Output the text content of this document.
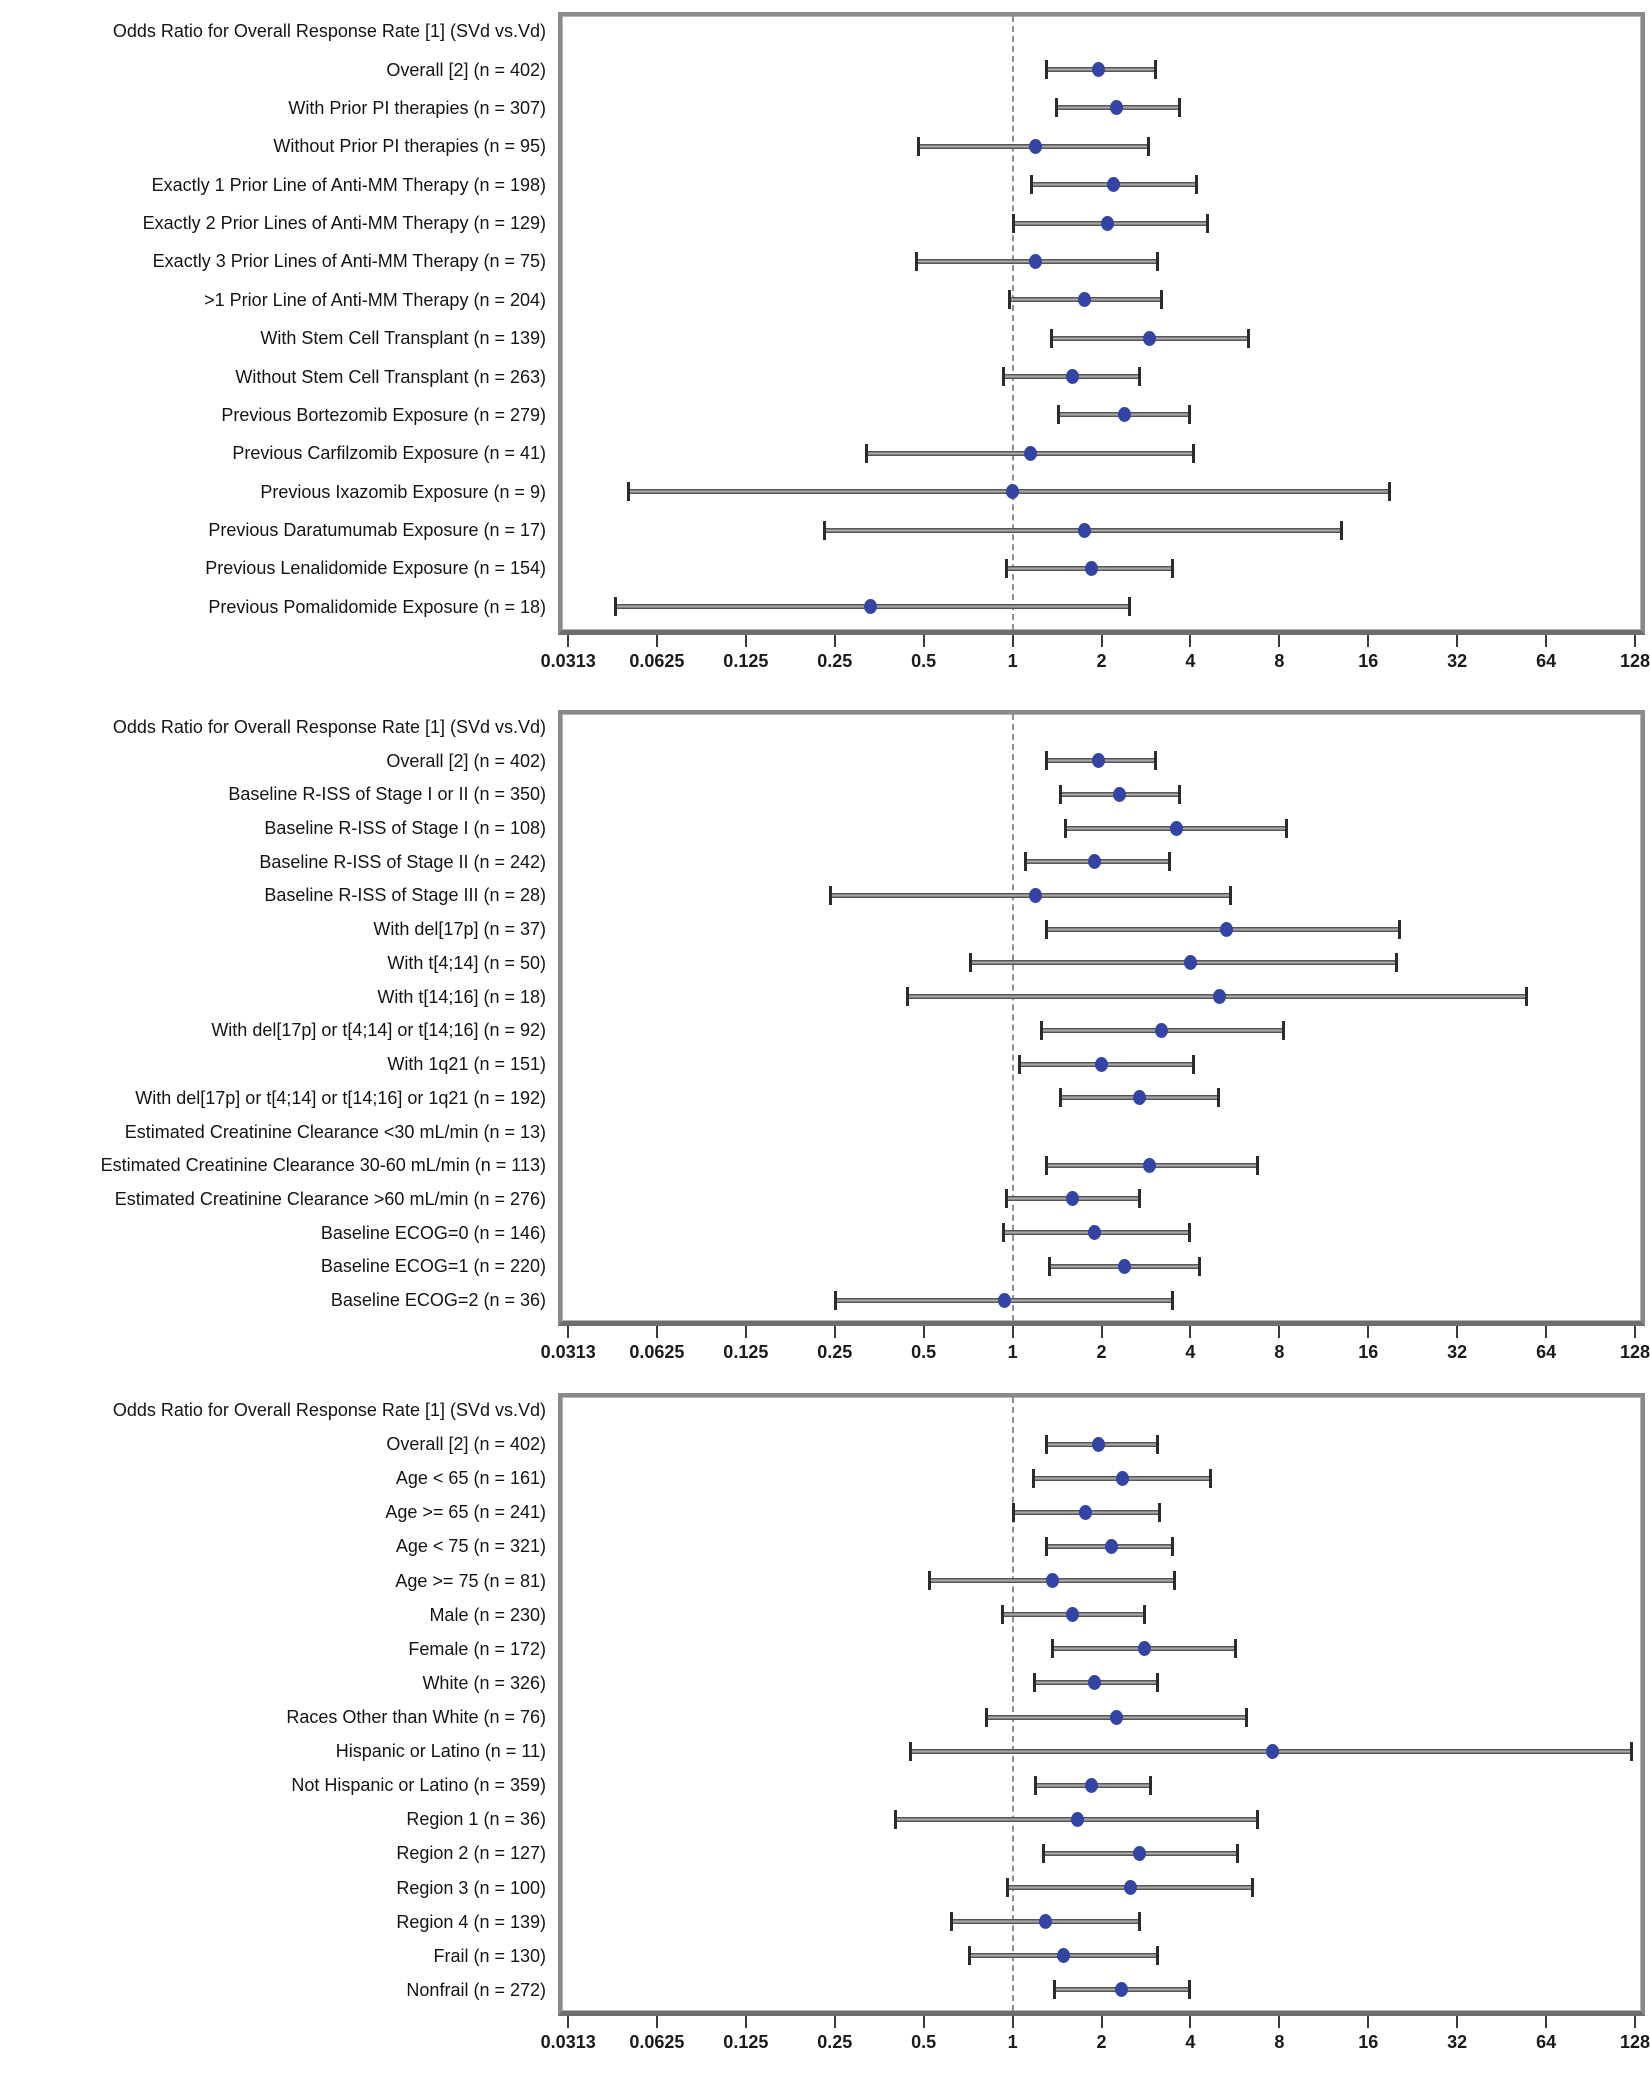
Odds Ratio for Overall Response Rate [1] (SVd vs.Vd)
Overall [2] (n = 402)
With Prior PI therapies (n = 307)
Without Prior PI therapies (n = 95)
Exactly 1 Prior Line of Anti-MM Therapy (n = 198)
Exactly 2 Prior Lines of Anti-MM Therapy (n = 129)
Exactly 3 Prior Lines of Anti-MM Therapy (n = 75)
>1 Prior Line of Anti-MM Therapy (n = 204)
With Stem Cell Transplant (n = 139)
Without Stem Cell Transplant (n = 263)
Previous Bortezomib Exposure (n = 279)
Previous Carfilzomib Exposure (n = 41)
Previous Ixazomib Exposure (n = 9)
Previous Daratumumab Exposure (n = 17)
Previous Lenalidomide Exposure (n = 154)
Previous Pomalidomide Exposure (n = 18)
0.0313 0.0625 0.125	0.25	0.5	1	2	4	8	16	32	64	128
Odds Ratio for Overall Response Rate [1] (SVd vs.Vd)
Overall [2] (n = 402)
Baseline R-ISS of Stage I or II (n = 350)
Baseline R-ISS of Stage I (n = 108)
Baseline R-ISS of Stage II (n = 242)
Baseline R-ISS of Stage III (n = 28)
With del[17p] (n = 37)
With t[4;14] (n = 50)
With t[14;16] (n = 18)
With del[17p] or t[4;14] or t[14;16] (n = 92)
With 1q21 (n = 151)
With del[17p] or t[4;14] or t[14;16] or 1q21 (n = 192)
Estimated Creatinine Clearance <30 mL/min (n = 13)
Estimated Creatinine Clearance 30-60 mL/min (n = 113)
Estimated Creatinine Clearance >60 mL/min (n = 276)
Baseline ECOG=0 (n = 146)
Baseline ECOG=1 (n = 220)
Baseline ECOG=2 (n = 36)
0.0313 0.0625 0.125	0.25	0.5	1	2	4	8	16	32	64	128
Odds Ratio for Overall Response Rate [1] (SVd vs.Vd)
Overall [2] (n = 402)
Age < 65 (n = 161)
Age >= 65 (n = 241)
Age < 75 (n = 321)
Age >= 75 (n = 81)
Male (n = 230)
Female (n = 172)
White (n = 326)
Races Other than White (n = 76)
Hispanic or Latino (n = 11)
Not Hispanic or Latino (n = 359)
Region 1 (n = 36)
Region 2 (n = 127)
Region 3 (n = 100)
Region 4 (n = 139)
Frail (n = 130)
Nonfrail (n = 272)
0.0313 0.0625 0.125	0.25	0.5	1	2	4	8	16	32	64	128
